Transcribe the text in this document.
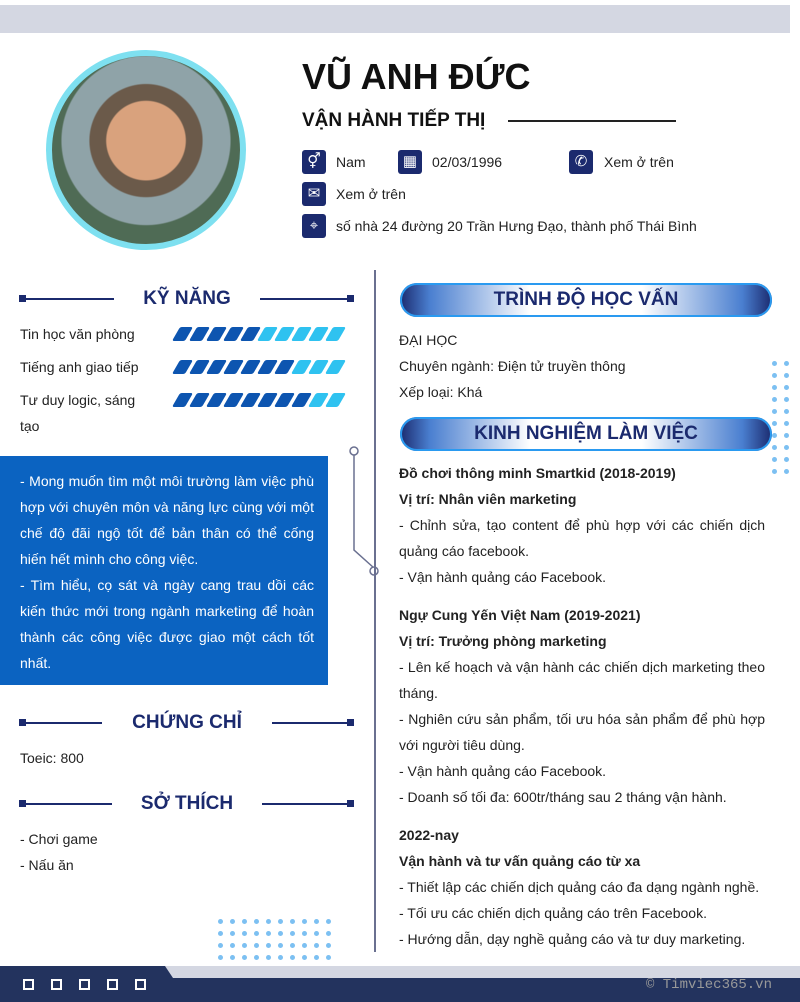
VŨ ANH ĐỨC
VẬN HÀNH TIẾP THỊ
⚥	Nam	▦	02/03/1996	✆	Xem ở trên
✉	Xem ở trên
⌖	số nhà 24 đường 20 Trần Hưng Đạo, thành phố Thái Bình
KỸ NĂNG
Tin học văn phòng
Tiếng anh giao tiếp
Tư duy logic, sáng tạo

- Mong muốn tìm một môi trường làm việc phù hợp với chuyên môn và năng lực cùng với một chế độ đãi ngộ tốt để bản thân có thể cống hiến hết mình cho công việc.

- Tìm hiểu, cọ sát và ngày cang trau dồi các kiến thức mới trong ngành marketing để hoàn thành các công việc được giao một cách tốt nhất.

CHỨNG CHỈ
Toeic: 800
SỞ THÍCH
- Chơi game
- Nấu ăn
TRÌNH ĐỘ HỌC VẤN
ĐẠI HỌC
Chuyên ngành: Điện tử truyền thông
Xếp loại: Khá
KINH NGHIỆM LÀM VIỆC
Đồ chơi thông minh Smartkid (2018-2019)
Vị trí: Nhân viên marketing
- Chỉnh sửa, tạo content để phù hợp với các chiến dịch quảng cáo facebook.
- Vận hành quảng cáo Facebook.
Ngự Cung Yến Việt Nam (2019-2021)
Vị trí: Trưởng phòng marketing
- Lên kế hoạch và vận hành các chiến dịch marketing theo tháng.
- Nghiên cứu sản phẩm, tối ưu hóa sản phẩm để phù hợp với người tiêu dùng.
- Vận hành quảng cáo Facebook.
- Doanh số tối đa: 600tr/tháng sau 2 tháng vận hành.
2022-nay
Vận hành và tư vấn quảng cáo từ xa
- Thiết lập các chiến dịch quảng cáo đa dạng ngành nghề.
- Tối ưu các chiến dịch quảng cáo trên Facebook.
- Hướng dẫn, dạy nghề quảng cáo và tư duy marketing.
© Timviec365.vn
